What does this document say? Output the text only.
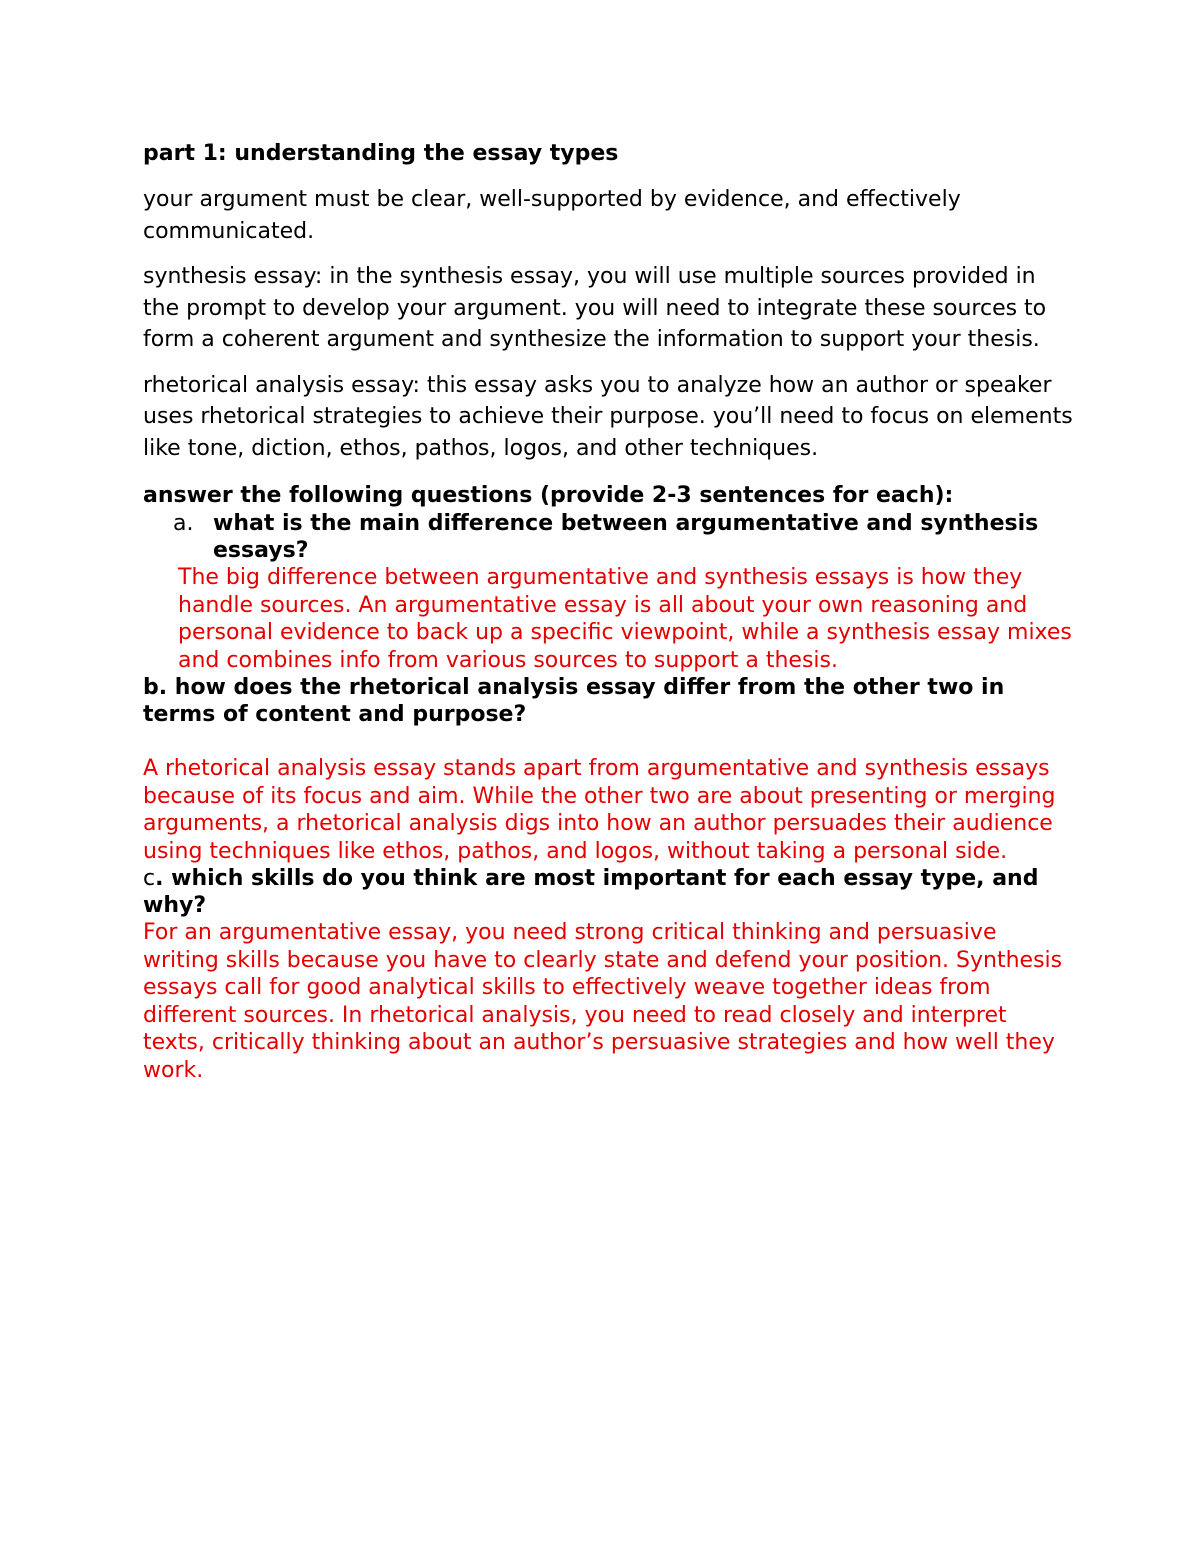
part 1: understanding the essay types

your argument must be clear, well-supported by evidence, and effectively communicated.

synthesis essay: in the synthesis essay, you will use multiple sources provided in the prompt to develop your argument. you will need to integrate these sources to form a coherent argument and synthesize the information to support your thesis.

rhetorical analysis essay: this essay asks you to analyze how an author or speaker uses rhetorical strategies to achieve their purpose. you’ll need to focus on elements like tone, diction, ethos, pathos, logos, and other techniques.

answer the following questions (provide 2-3 sentences for each):

a. what is the main difference between argumentative and synthesis essays?

The big difference between argumentative and synthesis essays is how they handle sources. An argumentative essay is all about your own reasoning and personal evidence to back up a specific viewpoint, while a synthesis essay mixes and combines info from various sources to support a thesis.

b. how does the rhetorical analysis essay differ from the other two in terms of content and purpose?

A rhetorical analysis essay stands apart from argumentative and synthesis essays because of its focus and aim. While the other two are about presenting or merging arguments, a rhetorical analysis digs into how an author persuades their audience using techniques like ethos, pathos, and logos, without taking a personal side.

c. which skills do you think are most important for each essay type, and why?

For an argumentative essay, you need strong critical thinking and persuasive writing skills because you have to clearly state and defend your position. Synthesis essays call for good analytical skills to effectively weave together ideas from different sources. In rhetorical analysis, you need to read closely and interpret texts, critically thinking about an author’s persuasive strategies and how well they work.
